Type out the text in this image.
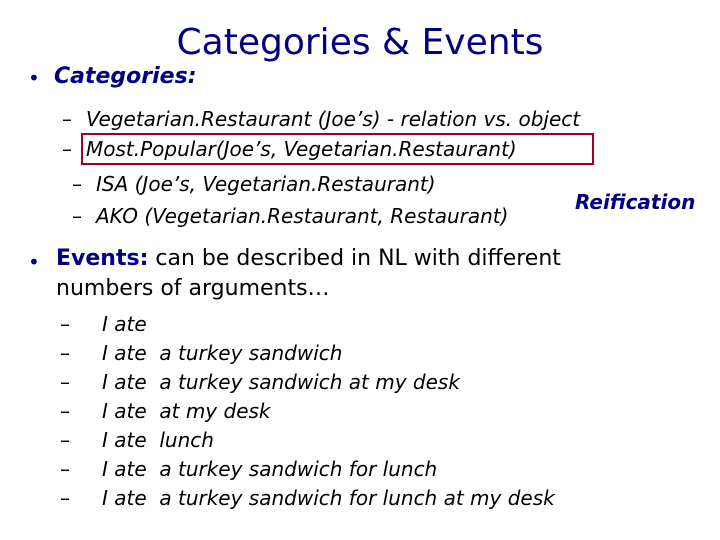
Categories & Events
• Categories:
– Vegetarian.Restaurant (Joe’s) - relation vs. object
– Most.Popular(Joe’s, Vegetarian.Restaurant)
– ISA (Joe’s, Vegetarian.Restaurant)
– AKO (Vegetarian.Restaurant, Restaurant)
Reification
• Events: can be described in NL with different
numbers of arguments…
– I ate
– I ate  a turkey sandwich
– I ate  a turkey sandwich at my desk
– I ate  at my desk
– I ate  lunch
– I ate  a turkey sandwich for lunch
– I ate  a turkey sandwich for lunch at my desk
